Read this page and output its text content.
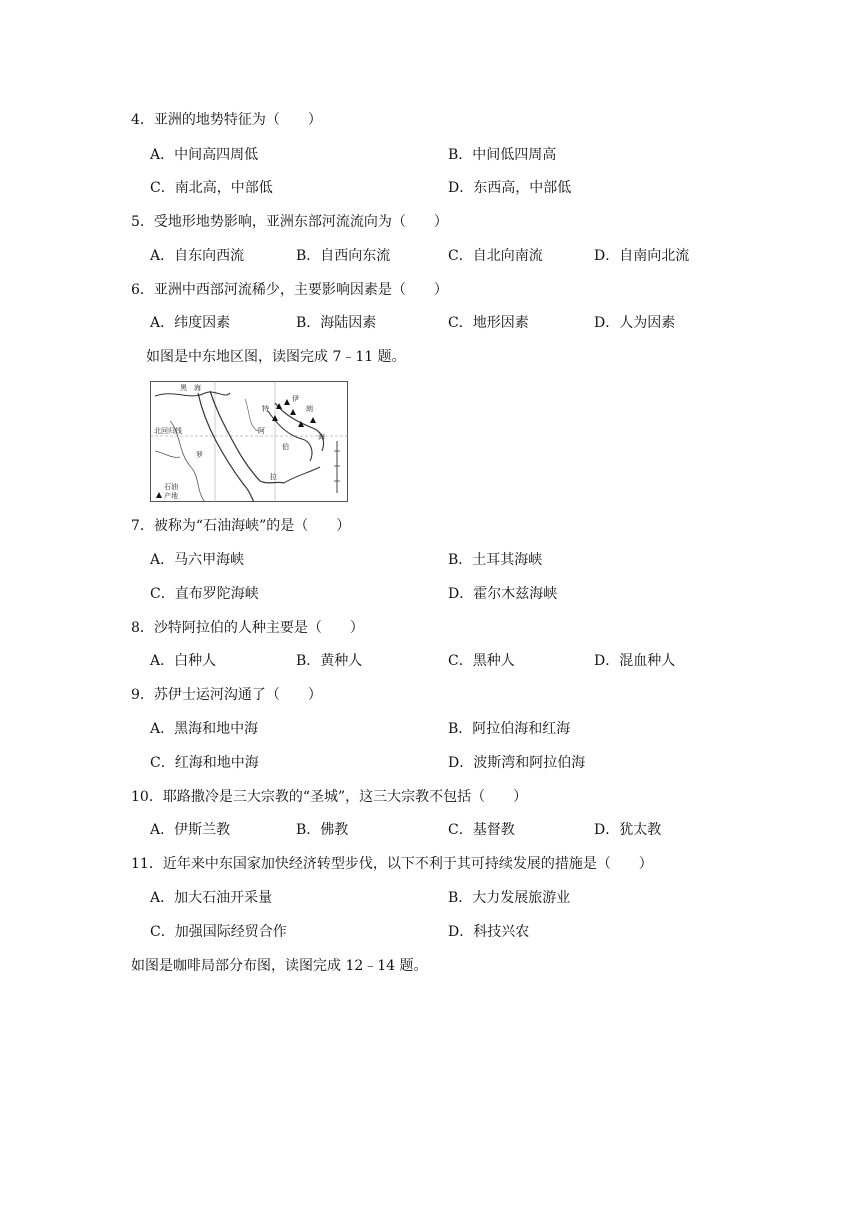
4．亚洲的地势特征为（　　）
A．中间高四周低	B．中间低四周高
C．南北高，中部低	D．东西高，中部低
5．受地形地势影响，亚洲东部河流流向为（　　）
A．自东向西流	B．自西向东流	C．自北向南流	D．自南向北流
6．亚洲中西部河流稀少，主要影响因素是（　　）
A．纬度因素	B．海陆因素	C．地形因素	D．人为因素
如图是中东地区图，读图完成 7﹣11 题。
黑 海
北回归线
罗
伊
朗
特
阿
伯
海
拉
石油
产地
7．被称为“石油海峡”的是（　　）
A．马六甲海峡	B．土耳其海峡
C．直布罗陀海峡	D．霍尔木兹海峡
8．沙特阿拉伯的人种主要是（　　）
A．白种人	B．黄种人	C．黑种人	D．混血种人
9．苏伊士运河沟通了（　　）
A．黑海和地中海	B．阿拉伯海和红海
C．红海和地中海	D．波斯湾和阿拉伯海
10．耶路撒冷是三大宗教的“圣城”，这三大宗教不包括（　　）
A．伊斯兰教	B．佛教	C．基督教	D．犹太教
11．近年来中东国家加快经济转型步伐，以下不利于其可持续发展的措施是（　　）
A．加大石油开采量	B．大力发展旅游业
C．加强国际经贸合作	D．科技兴农
如图是咖啡局部分布图，读图完成 12﹣14 题。
